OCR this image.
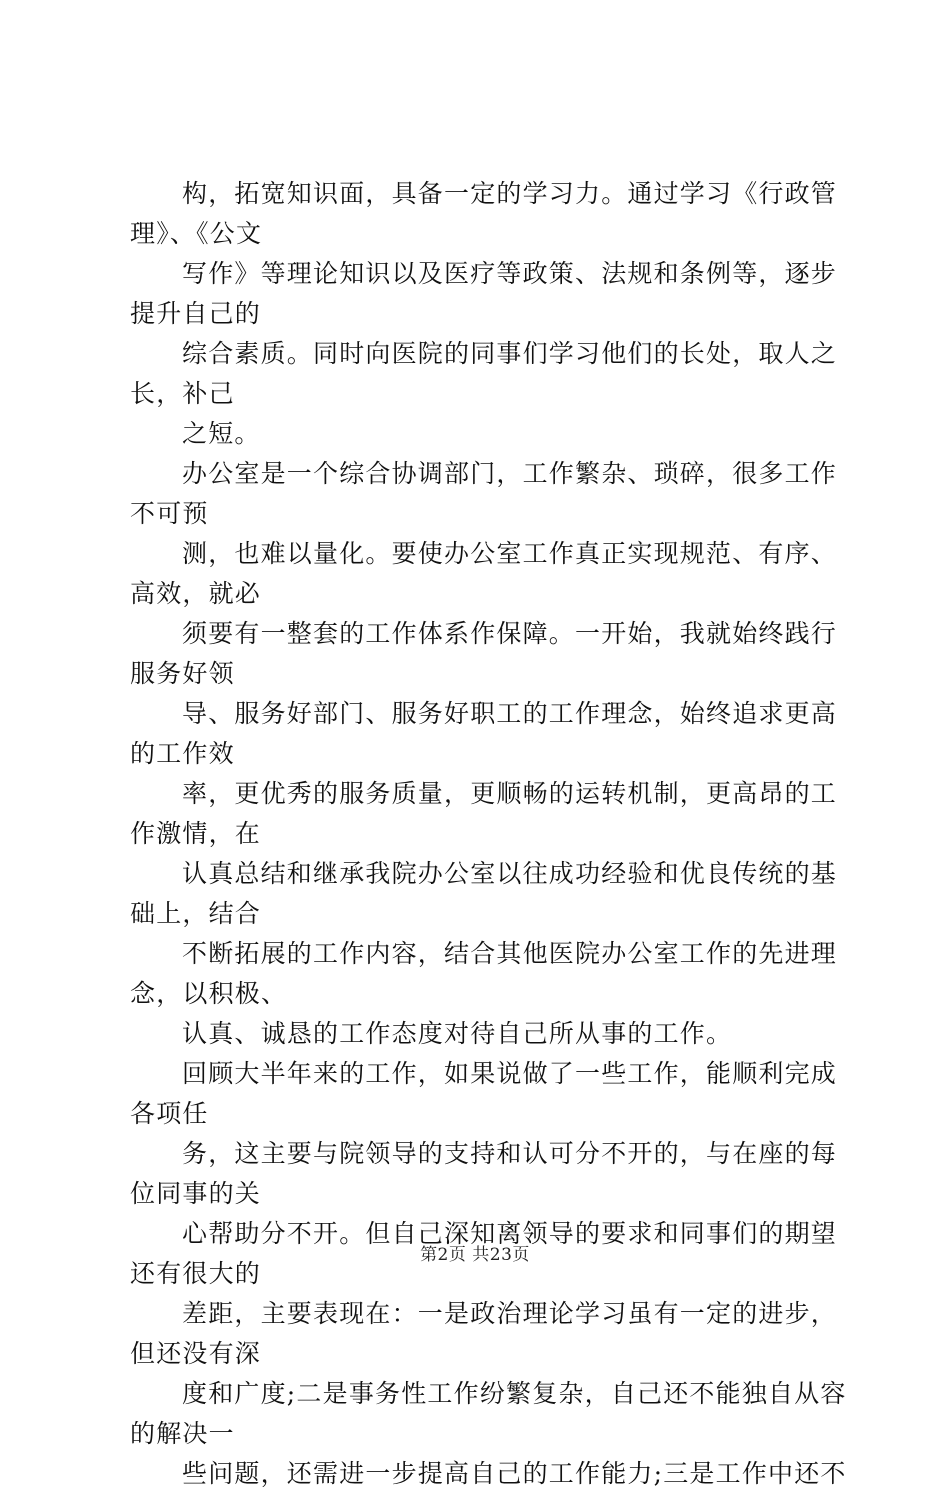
构，拓宽知识面，具备一定的学习力。通过学习《行政管
理》、《公文
写作》等理论知识以及医疗等政策、法规和条例等，逐步
提升自己的
综合素质。同时向医院的同事们学习他们的长处，取人之
长，补己
之短。
办公室是一个综合协调部门，工作繁杂、琐碎，很多工作
不可预
测，也难以量化。要使办公室工作真正实现规范、有序、
高效，就必
须要有一整套的工作体系作保障。一开始，我就始终践行
服务好领
导、服务好部门、服务好职工的工作理念，始终追求更高
的工作效
率，更优秀的服务质量，更顺畅的运转机制，更高昂的工
作激情，在
认真总结和继承我院办公室以往成功经验和优良传统的基
础上，结合
不断拓展的工作内容，结合其他医院办公室工作的先进理
念，以积极、
认真、诚恳的工作态度对待自己所从事的工作。
回顾大半年来的工作，如果说做了一些工作，能顺利完成
各项任
务，这主要与院领导的支持和认可分不开的，与在座的每
位同事的关
心帮助分不开。但自己深知离领导的要求和同事们的期望
还有很大的
差距，主要表现在：一是政治理论学习虽有一定的进步，
但还没有深
度和广度;二是事务性工作纷繁复杂，自己还不能独自从容
的解决一
些问题，还需进一步提高自己的工作能力;三是工作中还不
第2页 共23页
